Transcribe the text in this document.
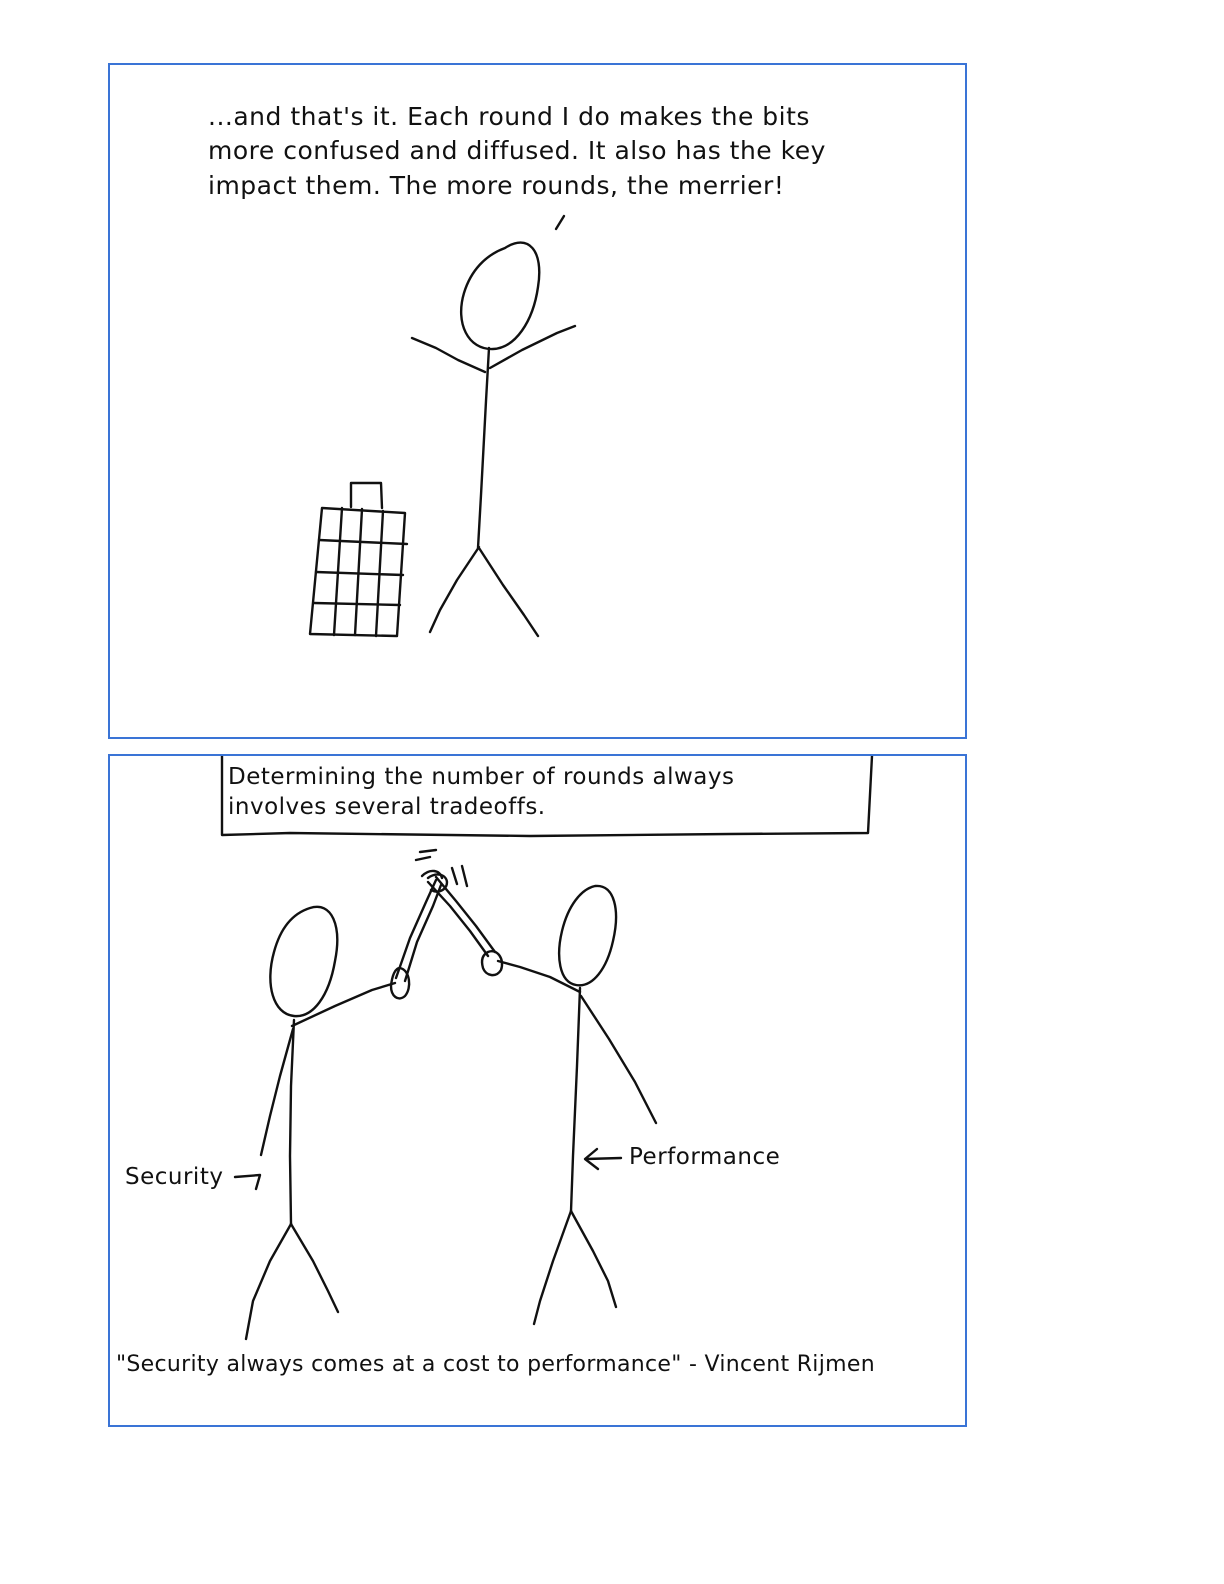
...and that's it. Each round I do makes the bits

more confused and diffused. It also has the key

impact them. The more rounds, the merrier!

Determining the number of rounds always

involves several tradeoffs.

Security

Performance

"Security always comes at a cost to performance" - Vincent Rijmen
